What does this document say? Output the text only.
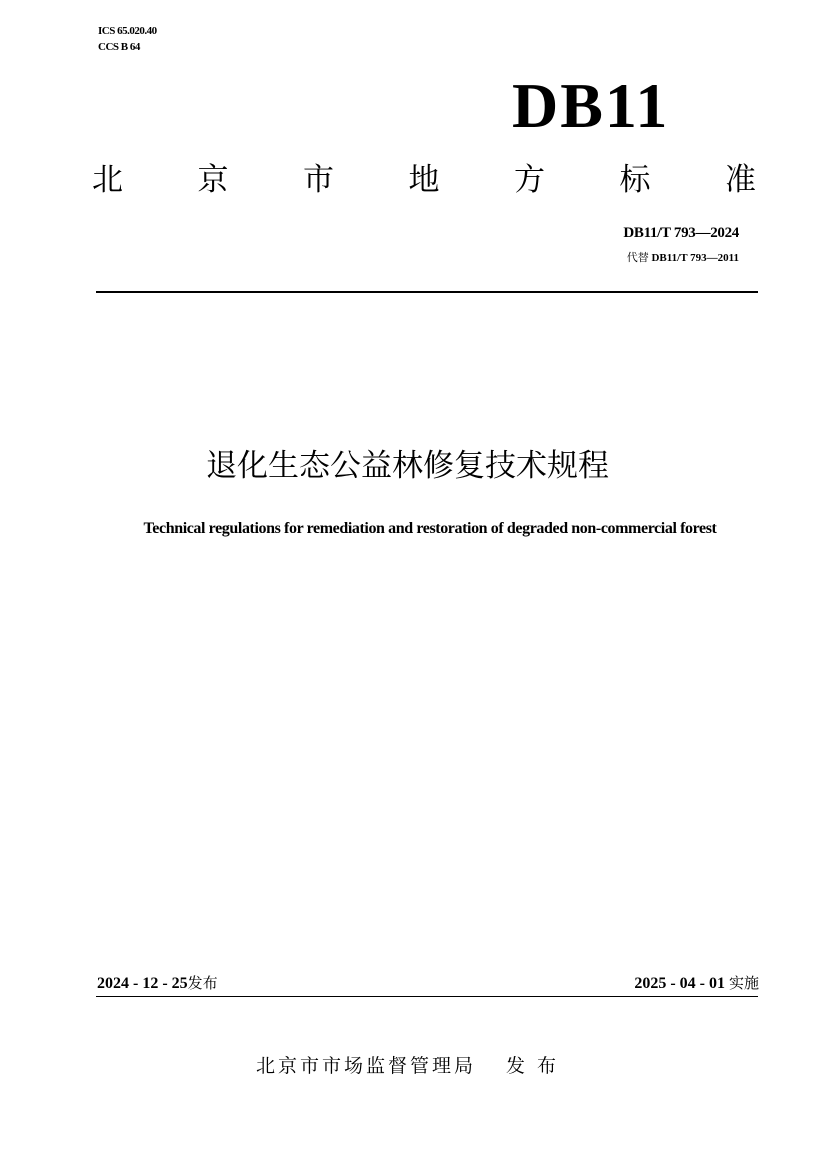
ICS 65.020.40
CCS B 64
DB11
北 京 市 地 方 标 准
DB11/T 793—2024
代替 DB11/T 793—2011
退化生态公益林修复技术规程
Technical regulations for remediation and restoration of degraded non-commercial forest
2024 - 12 - 25发布	2025 - 04 - 01 实施
北京市市场监督管理局 发 布
